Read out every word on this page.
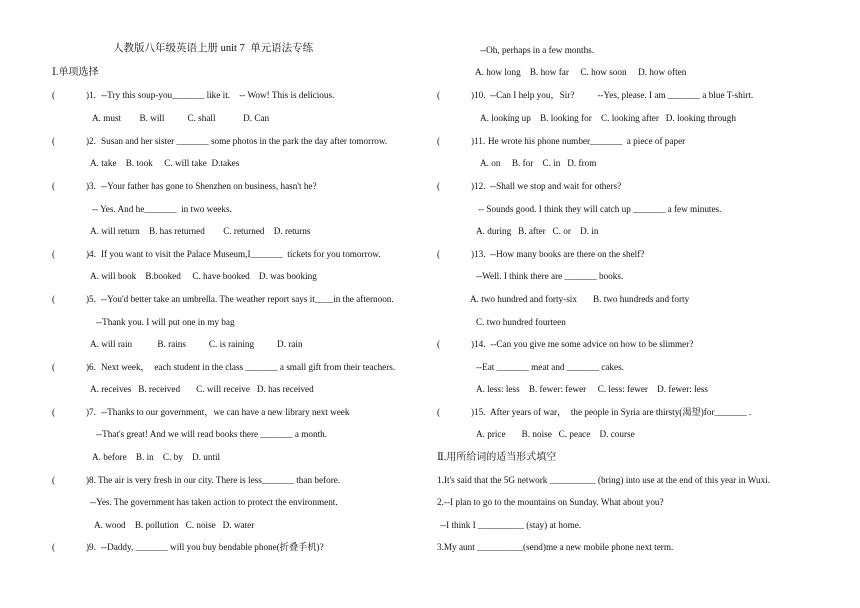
人教版八年级英语上册 unit 7  单元语法专练
Ⅰ.单项选择
(	)1. --Try this soup-you_______ like it.    -- Wow! This is delicious.
A. must        B. will          C. shall            D. Can
(	)2. Susan and her sister _______ some photos in the park the day after tomorrow.
A. take    B. took     C. will take  D.takes
(	)3. --Your father has gone to Shenzhen on business, hasn't he?
-- Yes. And he_______  in two weeks.
A. will return    B. has returned        C. returned    D. returns
(	)4. If you want to visit the Palace Museum,I_______  tickets for you tomorrow.
A. will book    B.booked     C. have booked    D. was booking
(	)5. --You'd better take an umbrella. The weather report says it____in the afternoon.
--Thank you. I will put one in my bag
A. will rain           B. rains          C. is raining          D. rain
(	)6. Next week，  each student in the class _______ a small gift from their teachers.
A. receives   B. received       C. will receive   D. has received
(	)7. --Thanks to our government，we can have a new library next week
--That's great! And we will read books there _______ a month.
A. before    B. in    C. by    D. until
(	)8. The air is very fresh in our city. There is less_______ than before.
--Yes. The government has taken action to protect the environment.
A. wood    B. pollution   C. noise   D. water
(	)9. --Daddy, _______ will you buy bendable phone(折叠手机)?
--Oh, perhaps in a few months.
A. how long    B. how far     C. how soon     D. how often
(	)10. --Can I help you，Sir?          --Yes, please. I am _______ a blue T-shirt.
A. looking up    B. looking for    C. looking after   D. looking through
(	)11. He wrote his phone number_______  a piece of paper
A. on     B. for    C. in   D. from
(	)12. --Shall we stop and wait for others?
-- Sounds good. I think they will catch up _______ a few minutes.
A. during   B. after   C. or    D. in
(	)13. --How many books are there on the shelf?
--Well. I think there are _______ books.
A. two hundred and forty-six       B. two hundreds and forty
C. two hundred fourteen
(	)14. --Can you give me some advice on how to be slimmer?
--Eat _______ meat and _______ cakes.
A. less: less    B. fewer: fewer     C. less: fewer    D. fewer: less
(	)15. After years of war，  the people in Syria are thirsty(渴望)for_______ .
A. price       B. noise   C. peace    D. course
Ⅱ.用所给词的适当形式填空
1.It's said that the 5G network __________ (bring) into use at the end of this year in Wuxi.
2.--I plan to go to the mountains on Sunday. What about you?
--I think I __________ (stay) at home.
3.My aunt __________(send)me a new mobile phone next term.
